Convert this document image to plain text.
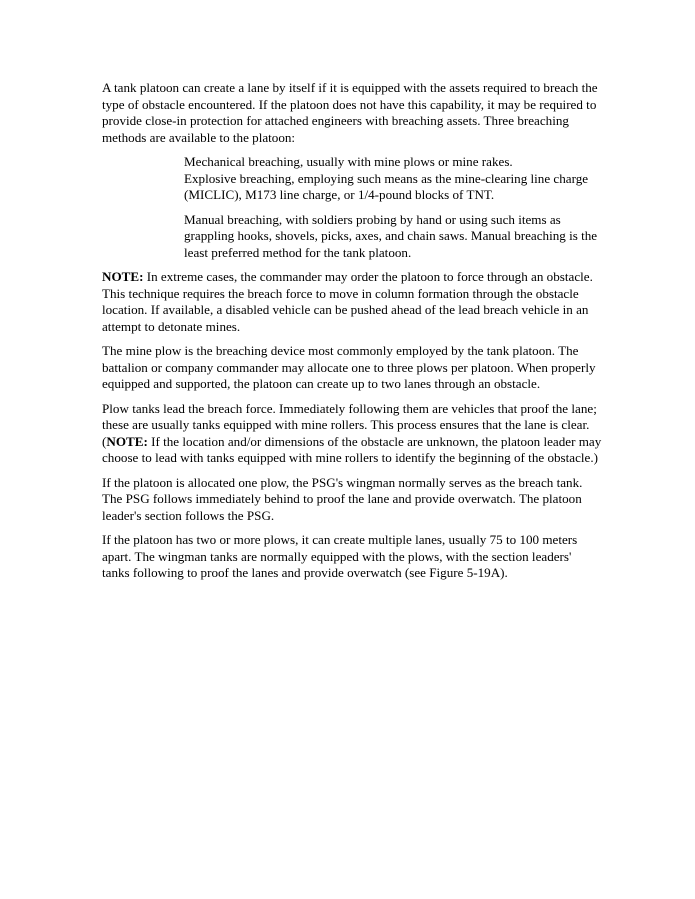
A tank platoon can create a lane by itself if it is equipped with the assets required to breach the type of obstacle encountered. If the platoon does not have this capability, it may be required to provide close-in protection for attached engineers with breaching assets. Three breaching methods are available to the platoon:

Mechanical breaching, usually with mine plows or mine rakes.

Explosive breaching, employing such means as the mine-clearing line charge (MICLIC), M173 line charge, or 1/4-pound blocks of TNT.

Manual breaching, with soldiers probing by hand or using such items as grappling hooks, shovels, picks, axes, and chain saws. Manual breaching is the least preferred method for the tank platoon.

NOTE: In extreme cases, the commander may order the platoon to force through an obstacle. This technique requires the breach force to move in column formation through the obstacle location. If available, a disabled vehicle can be pushed ahead of the lead breach vehicle in an attempt to detonate mines.

The mine plow is the breaching device most commonly employed by the tank platoon. The battalion or company commander may allocate one to three plows per platoon. When properly equipped and supported, the platoon can create up to two lanes through an obstacle.

Plow tanks lead the breach force. Immediately following them are vehicles that proof the lane; these are usually tanks equipped with mine rollers. This process ensures that the lane is clear. (NOTE: If the location and/or dimensions of the obstacle are unknown, the platoon leader may choose to lead with tanks equipped with mine rollers to identify the beginning of the obstacle.)

If the platoon is allocated one plow, the PSG's wingman normally serves as the breach tank. The PSG follows immediately behind to proof the lane and provide overwatch. The platoon leader's section follows the PSG.

If the platoon has two or more plows, it can create multiple lanes, usually 75 to 100 meters apart. The wingman tanks are normally equipped with the plows, with the section leaders' tanks following to proof the lanes and provide overwatch (see Figure 5-19A).
